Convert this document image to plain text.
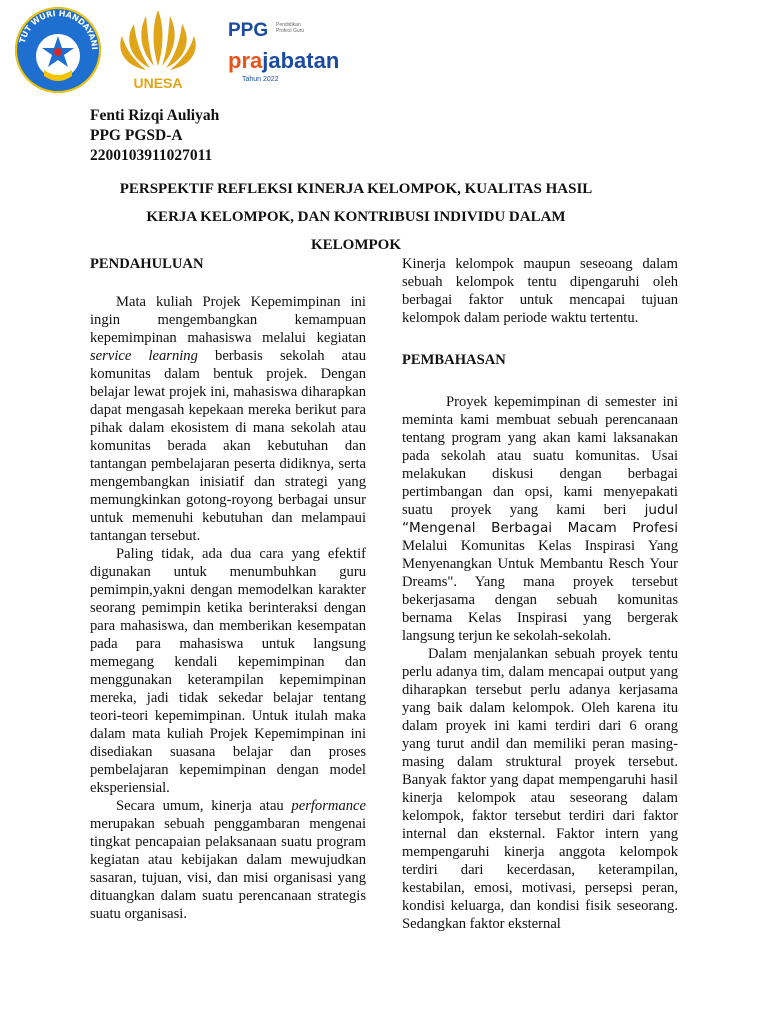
TUT WURI HANDAYANI
UNESA
PPG Pendidikan Profesi Guru
prajabatan
Tahun 2022
Fenti Rizqi Auliyah
PPG PGSD-A
2200103911027011
PERSPEKTIF REFLEKSI KINERJA KELOMPOK, KUALITAS HASIL
KERJA KELOMPOK, DAN KONTRIBUSI INDIVIDU DALAM
KELOMPOK

PENDAHULUAN

Mata kuliah Projek Kepemimpinan ini ingin mengembangkan kemampuan kepemimpinan mahasiswa melalui kegiatan service learning berbasis sekolah atau komunitas dalam bentuk projek. Dengan belajar lewat projek ini, mahasiswa diharapkan dapat mengasah kepekaan mereka berikut para pihak dalam ekosistem di mana sekolah atau komunitas berada akan kebutuhan dan tantangan pembelajaran peserta didiknya, serta mengembangkan inisiatif dan strategi yang memungkinkan gotong-royong berbagai unsur untuk memenuhi kebutuhan dan melampaui tantangan tersebut.

Paling tidak, ada dua cara yang efektif digunakan untuk menumbuhkan guru pemimpin,yakni dengan memodelkan karakter seorang pemimpin ketika berinteraksi dengan para mahasiswa, dan memberikan kesempatan pada para mahasiswa untuk langsung memegang kendali kepemimpinan dan menggunakan keterampilan kepemimpinan mereka, jadi tidak sekedar belajar tentang teori-teori kepemimpinan. Untuk itulah maka dalam mata kuliah Projek Kepemimpinan ini disediakan suasana belajar dan proses pembelajaran kepemimpinan dengan model eksperiensial.

Secara umum, kinerja atau performance merupakan sebuah penggambaran mengenai tingkat pencapaian pelaksanaan suatu program kegiatan atau kebijakan dalam mewujudkan sasaran, tujuan, visi, dan misi organisasi yang dituangkan dalam suatu perencanaan strategis suatu organisasi.

Kinerja kelompok maupun seseoang dalam sebuah kelompok tentu dipengaruhi oleh berbagai faktor untuk mencapai tujuan kelompok dalam periode waktu tertentu.

PEMBAHASAN

Proyek kepemimpinan di semester ini meminta kami membuat sebuah perencanaan tentang program yang akan kami laksanakan pada sekolah atau suatu komunitas. Usai melakukan diskusi dengan berbagai pertimbangan dan opsi, kami menyepakati suatu proyek yang kami beri judul “Mengenal Berbagai Macam Profesi Melalui Komunitas Kelas Inspirasi Yang Menyenangkan Untuk Membantu Resch Your Dreams". Yang mana proyek tersebut bekerjasama dengan sebuah komunitas bernama Kelas Inspirasi yang bergerak langsung terjun ke sekolah-sekolah.

Dalam menjalankan sebuah proyek tentu perlu adanya tim, dalam mencapai output yang diharapkan tersebut perlu adanya kerjasama yang baik dalam kelompok. Oleh karena itu dalam proyek ini kami terdiri dari 6 orang yang turut andil dan memiliki peran masing-masing dalam struktural proyek tersebut. Banyak faktor yang dapat mempengaruhi hasil kinerja kelompok atau seseorang dalam kelompok, faktor tersebut terdiri dari faktor internal dan eksternal. Faktor intern yang mempengaruhi kinerja anggota kelompok terdiri dari kecerdasan, keterampilan, kestabilan, emosi, motivasi, persepsi peran, kondisi keluarga, dan kondisi fisik seseorang. Sedangkan faktor eksternal
